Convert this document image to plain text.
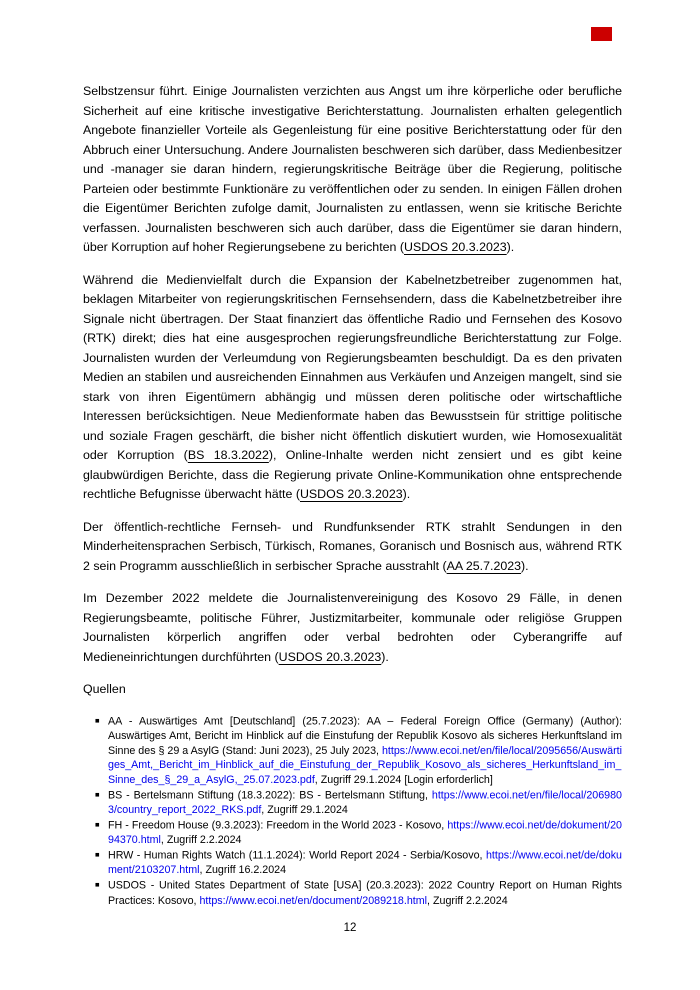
Selbstzensur führt. Einige Journalisten verzichten aus Angst um ihre körperliche oder berufliche Sicherheit auf eine kritische investigative Berichterstattung. Journalisten erhalten gelegentlich Angebote finanzieller Vorteile als Gegenleistung für eine positive Berichterstattung oder für den Abbruch einer Untersuchung. Andere Journalisten beschweren sich darüber, dass Medienbesitzer und -manager sie daran hindern, regierungskritische Beiträge über die Regierung, politische Parteien oder bestimmte Funktionäre zu veröffentlichen oder zu senden. In einigen Fällen drohen die Eigentümer Berichten zufolge damit, Journalisten zu entlassen, wenn sie kritische Berichte verfassen. Journalisten beschweren sich auch darüber, dass die Eigentümer sie daran hindern, über Korruption auf hoher Regierungsebene zu berichten (USDOS 20.3.2023).

Während die Medienvielfalt durch die Expansion der Kabelnetzbetreiber zugenommen hat, beklagen Mitarbeiter von regierungskritischen Fernsehsendern, dass die Kabelnetzbetreiber ihre Signale nicht übertragen. Der Staat finanziert das öffentliche Radio und Fernsehen des Kosovo (RTK) direkt; dies hat eine ausgesprochen regierungsfreundliche Berichterstattung zur Folge. Journalisten wurden der Verleumdung von Regierungsbeamten beschuldigt. Da es den privaten Medien an stabilen und ausreichenden Einnahmen aus Verkäufen und Anzeigen mangelt, sind sie stark von ihren Eigentümern abhängig und müssen deren politische oder wirtschaftliche Interessen berücksichtigen. Neue Medienformate haben das Bewusstsein für strittige politische und soziale Fragen geschärft, die bisher nicht öffentlich diskutiert wurden, wie Homosexualität oder Korruption (BS 18.3.2022), Online-Inhalte werden nicht zensiert und es gibt keine glaubwürdigen Berichte, dass die Regierung private Online-Kommunikation ohne entsprechende rechtliche Befugnisse überwacht hätte (USDOS 20.3.2023).

Der öffentlich-rechtliche Fernseh- und Rundfunksender RTK strahlt Sendungen in den Minderheitensprachen Serbisch, Türkisch, Romanes, Goranisch und Bosnisch aus, während RTK 2 sein Programm ausschließlich in serbischer Sprache ausstrahlt (AA 25.7.2023).

Im Dezember 2022 meldete die Journalistenvereinigung des Kosovo 29 Fälle, in denen Regierungsbeamte, politische Führer, Justizmitarbeiter, kommunale oder religiöse Gruppen Journalisten körperlich angriffen oder verbal bedrohten oder Cyberangriffe auf Medieneinrichtungen durchführten (USDOS 20.3.2023).

Quellen
■ AA - Auswärtiges Amt [Deutschland] (25.7.2023): AA – Federal Foreign Office (Germany) (Author): Auswärtiges Amt, Bericht im Hinblick auf die Einstufung der Republik Kosovo als sicheres Herkunftsland im Sinne des § 29 a AsylG (Stand: Juni 2023), 25 July 2023, https://www.ecoi.net/en/file/local/2095656/Auswärtiges_Amt,_Bericht_im_Hinblick_auf_die_Einstufung_der_Republik_Kosovo_als_sicheres_Herkunftsland_im_Sinne_des_§_29_a_AsylG,_25.07.2023.pdf, Zugriff 29.1.2024 [Login erforderlich]
■ BS - Bertelsmann Stiftung (18.3.2022): BS - Bertelsmann Stiftung, https://www.ecoi.net/en/file/local/2069803/country_report_2022_RKS.pdf, Zugriff 29.1.2024
■ FH - Freedom House (9.3.2023): Freedom in the World 2023 - Kosovo, https://www.ecoi.net/de/dokument/2094370.html, Zugriff 2.2.2024
■ HRW - Human Rights Watch (11.1.2024): World Report 2024 - Serbia/Kosovo, https://www.ecoi.net/de/dokument/2103207.html, Zugriff 16.2.2024
■ USDOS - United States Department of State [USA] (20.3.2023): 2022 Country Report on Human Rights Practices: Kosovo, https://www.ecoi.net/en/document/2089218.html, Zugriff 2.2.2024
12
